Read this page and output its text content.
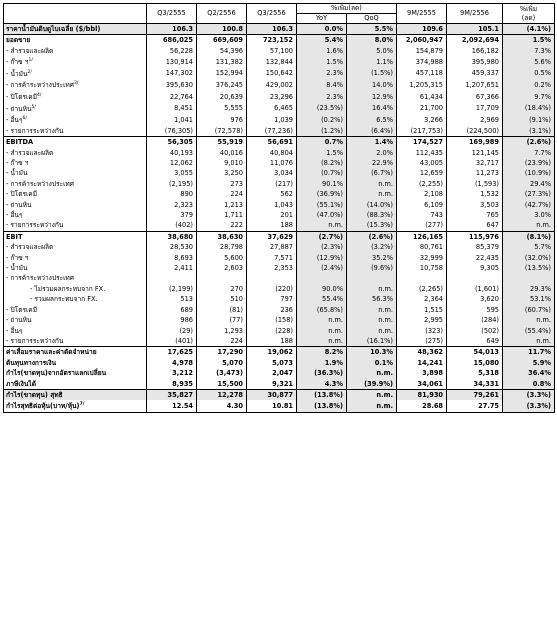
	Q3/2555	Q2/2556	Q3/2556	%เพิ่ม(ลด)		9M/2555	9M/2556	%เพิ่ม
(ลด)

				YoY	QoQ			
ราคาน้ำมันดิบดูไบเฉลี่ย ($/bbl)	106.3	100.8	106.3	0.0%	5.5%	109.6	105.1	(4.1%)
ยอดขาย	686,025	669,609	723,152	5.4%	8.0%	2,060,947	2,092,694	1.5%
- สำรวจและผลิต	56,228	54,396	57,100	1.6%	5.0%	154,879	166,182	7.3%
- ก๊าซ ฯ$^{1/}$	130,914	131,382	132,844	1.5%	1.1%	374,988	395,980	5.6%
- น้ำมัน$^{2/}$	147,302	152,994	150,642	2.3%	(1.5%)	457,118	459,337	0.5%
- การค้าระหว่างประเทศ$^{3/}$	395,630	376,245	429,002	8.4%	14.0%	1,205,315	1,207,651	0.2%
- ปิโตรเคมี$^{4/}$	22,764	20,639	23,296	2.3%	12.9%	61,434	67,366	9.7%
- ถ่านหิน$^{5/}$	8,451	5,555	6,465	(23.5%)	16.4%	21,700	17,709	(18.4%)
- อื่นๆ$^{6/}$	1,041	976	1,039	(0.2%)	6.5%	3,266	2,969	(9.1%)
- รายการระหว่างกัน	(76,305)	(72,578)	(77,236)	(1.2%)	(6.4%)	(217,753)	(224,500)	(3.1%)
EBITDA	56,305	55,919	56,691	0.7%	1.4%	174,527	169,989	(2.6%)
- สำรวจและผลิต	40,193	40,016	40,804	1.5%	2.0%	112,435	121,145	7.7%
- ก๊าซ ฯ	12,062	9,010	11,076	(8.2%)	22.9%	43,005	32,717	(23.9%)
- น้ำมัน	3,055	3,250	3,034	(0.7%)	(6.7%)	12,659	11,273	(10.9%)
- การค้าระหว่างประเทศ	(2,195)	273	(217)	90.1%	n.m.	(2,255)	(1,593)	29.4%
- ปิโตรเคมี	890	224	562	(36.9%)	n.m.	2,108	1,532	(27.3%)
- ถ่านหิน	2,323	1,213	1,043	(55.1%)	(14.0%)	6,109	3,503	(42.7%)
- อื่นๆ	379	1,711	201	(47.0%)	(88.3%)	743	765	3.0%
- รายการระหว่างกัน	(402)	222	188	n.m.	(15.3%)	(277)	647	n.m.
EBIT	38,680	38,630	37,629	(2.7%)	(2.6%)	126,165	115,976	(8.1%)
- สำรวจและผลิต	28,530	28,798	27,887	(2.3%)	(3.2%)	80,761	85,379	5.7%
- ก๊าซ ฯ	8,693	5,600	7,571	(12.9%)	35.2%	32,999	22,435	(32.0%)
- น้ำมัน	2,411	2,603	2,353	(2.4%)	(9.6%)	10,758	9,305	(13.5%)
- การค้าระหว่างประเทศ								
- ไม่รวมผลกระทบจาก FX.	(2,199)	270	(220)	90.0%	n.m.	(2,265)	(1,601)	29.3%
- รวมผลกระทบจาก FX.	513	510	797	55.4%	56.3%	2,364	3,620	53.1%
- ปิโตรเคมี	689	(81)	236	(65.8%)	n.m.	1,515	595	(60.7%)
- ถ่านหิน	986	(77)	(158)	n.m.	n.m.	2,995	(284)	n.m.
- อื่นๆ	(29)	1,293	(228)	n.m.	n.m.	(323)	(502)	(55.4%)
- รายการระหว่างกัน	(401)	224	188	n.m.	(16.1%)	(275)	649	n.m.
ค่าเสื่อมราคาและค่าตัดจำหน่าย	17,625	17,290	19,062	8.2%	10.3%	48,362	54,013	11.7%
ต้นทุนทางการเงิน	4,978	5,070	5,073	1.9%	0.1%	14,241	15,080	5.9%
กำไร(ขาดทุน)จากอัตราแลกเปลี่ยน	3,212	(3,473)	2,047	(36.3%)	n.m.	3,898	5,318	36.4%
ภาษีเงินได้	8,935	15,500	9,321	4.3%	(39.9%)	34,061	34,331	0.8%
กำไร(ขาดทุน) สุทธิ	35,827	12,278	30,877	(13.8%)	n.m.	81,930	79,261	(3.3%)
กำไรสุทธิต่อหุ้น(บาท/หุ้น)$^{7/}$	12.54	4.30	10.81	(13.8%)	n.m.	28.68	27.75	(3.3%)
